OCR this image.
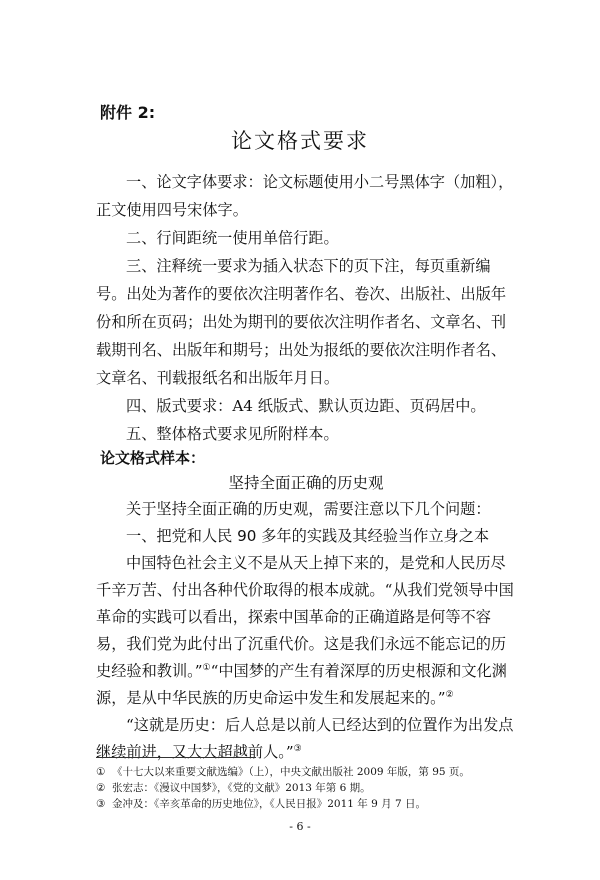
附件 2:
论文格式要求

一、论文字体要求：论文标题使用小二号黑体字（加粗），正文使用四号宋体字。

二、行间距统一使用单倍行距。

三、注释统一要求为插入状态下的页下注，每页重新编号。出处为著作的要依次注明著作名、卷次、出版社、出版年份和所在页码；出处为期刊的要依次注明作者名、文章名、刊载期刊名、出版年和期号；出处为报纸的要依次注明作者名、文章名、刊载报纸名和出版年月日。

四、版式要求：A4 纸版式、默认页边距、页码居中。

五、整体格式要求见所附样本。

论文格式样本：

坚持全面正确的历史观

关于坚持全面正确的历史观，需要注意以下几个问题：

一、把党和人民 90 多年的实践及其经验当作立身之本

中国特色社会主义不是从天上掉下来的，是党和人民历尽千辛万苦、付出各种代价取得的根本成就。“从我们党领导中国革命的实践可以看出，探索中国革命的正确道路是何等不容易，我们党为此付出了沉重代价。这是我们永远不能忘记的历史经验和教训。”①“中国梦的产生有着深厚的历史根源和文化渊源，是从中华民族的历史命运中发生和发展起来的。”②

“这就是历史：后人总是以前人已经达到的位置作为出发点继续前进，又大大超越前人。”③

① 《十七大以来重要文献选编》（上），中央文献出版社 2009 年版，第 95 页。

② 张宏志：《漫议中国梦》，《党的文献》2013 年第 6 期。

③ 金冲及：《辛亥革命的历史地位》，《人民日报》2011 年 9 月 7 日。

- 6 -
